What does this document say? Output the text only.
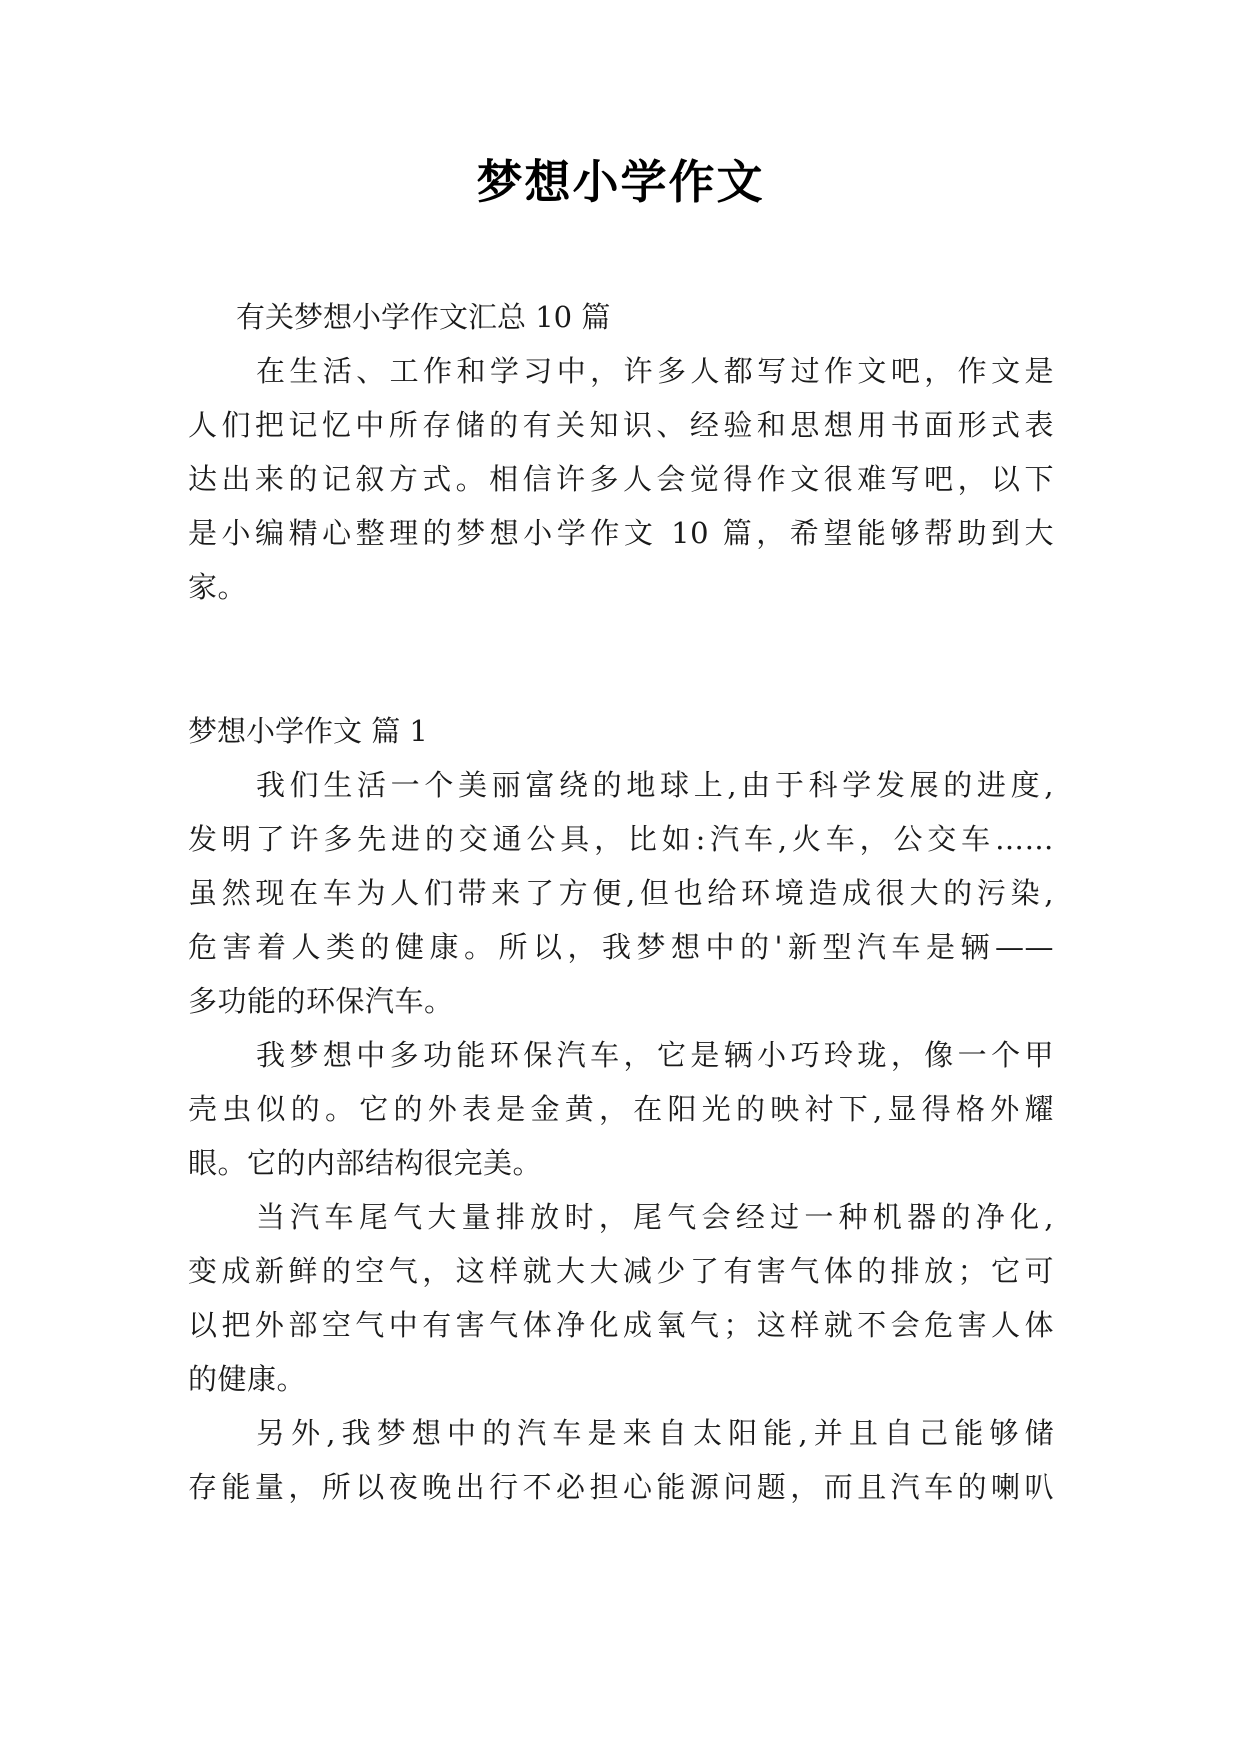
梦想小学作文
有关梦想小学作文汇总 10 篇
在生活、工作和学习中，许多人都写过作文吧，作文是
人们把记忆中所存储的有关知识、经验和思想用书面形式表
达出来的记叙方式。相信许多人会觉得作文很难写吧，以下
是小编精心整理的梦想小学作文 10 篇，希望能够帮助到大
家。
梦想小学作文 篇 1
我们生活一个美丽富绕的地球上,由于科学发展的进度,
发明了许多先进的交通公具，比如:汽车,火车，公交车……
虽然现在车为人们带来了方便,但也给环境造成很大的污染,
危害着人类的健康。所以，我梦想中的'新型汽车是辆——
多功能的环保汽车。
我梦想中多功能环保汽车，它是辆小巧玲珑，像一个甲
壳虫似的。它的外表是金黄，在阳光的映衬下,显得格外耀
眼。它的内部结构很完美。
当汽车尾气大量排放时，尾气会经过一种机器的净化,
变成新鲜的空气，这样就大大减少了有害气体的排放；它可
以把外部空气中有害气体净化成氧气；这样就不会危害人体
的健康。
另外,我梦想中的汽车是来自太阳能,并且自己能够储
存能量，所以夜晚出行不必担心能源问题，而且汽车的喇叭
